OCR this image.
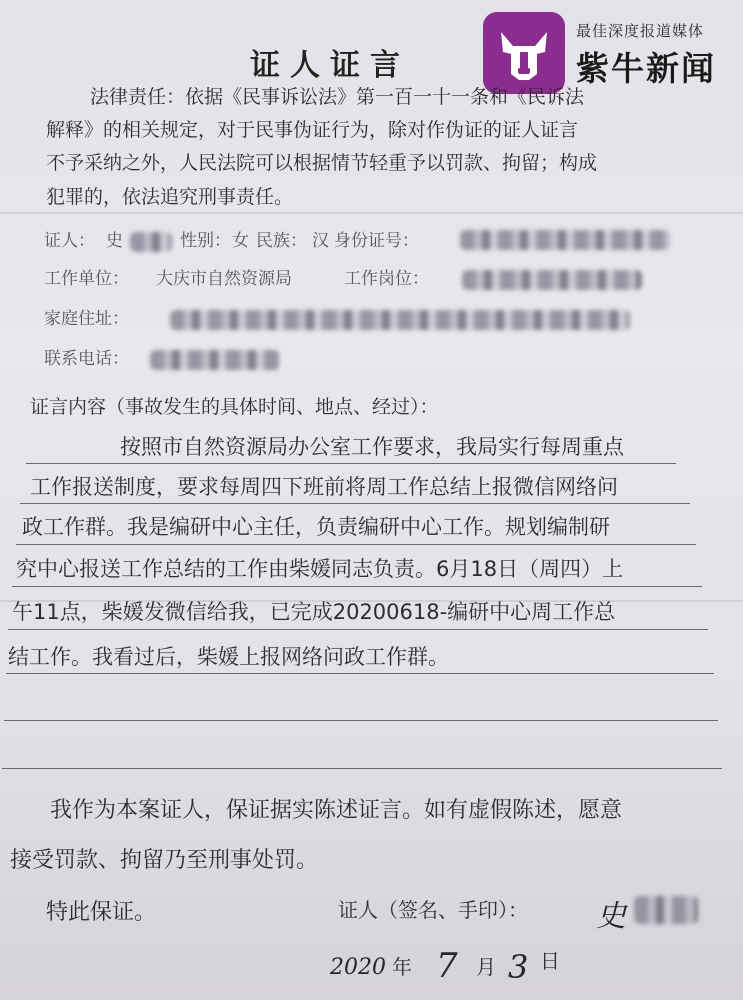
证人证言
最佳深度报道媒体
紫牛新闻
法律责任：依据《民事诉讼法》第一百一十一条和《民诉法
解释》的相关规定，对于民事伪证行为，除对作伪证的证人证言
不予采纳之外，人民法院可以根据情节轻重予以罚款、拘留；构成
犯罪的，依法追究刑事责任。
证人： 史	性别： 女 民族： 汉 身份证号：
工作单位： 大庆市自然资源局	工作岗位：
家庭住址：
联系电话：
证言内容（事故发生的具体时间、地点、经过）：
按照市自然资源局办公室工作要求，我局实行每周重点
工作报送制度，要求每周四下班前将周工作总结上报微信网络问
政工作群。我是编研中心主任，负责编研中心工作。规划编制研
究中心报送工作总结的工作由柴媛同志负责。6月18日（周四）上
午11点，柴媛发微信给我，已完成20200618-编研中心周工作总
结工作。我看过后，柴媛上报网络问政工作群。
我作为本案证人，保证据实陈述证言。如有虚假陈述，愿意
接受罚款、拘留乃至刑事处罚。
特此保证。	证人（签名、手印）： 史
2020 年 7 月 3 日
